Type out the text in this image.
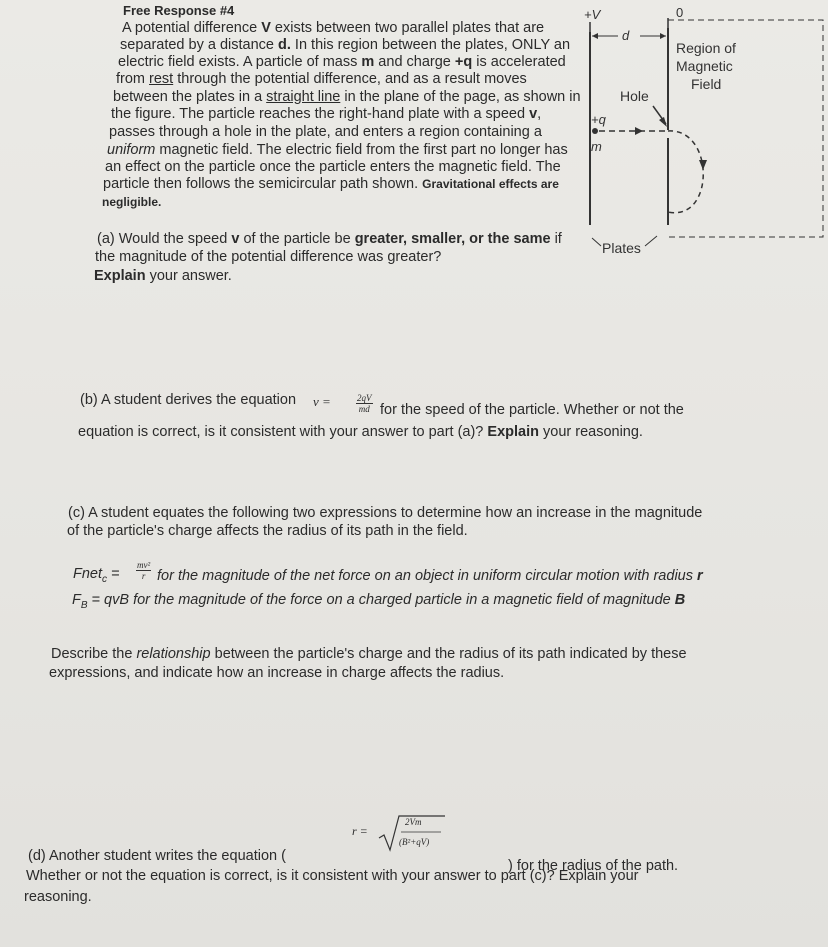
Free Response #4
A potential difference V exists between two parallel plates that are
separated by a distance d. In this region between the plates, ONLY an
electric field exists. A particle of mass m and charge +q is accelerated
from rest through the potential difference, and as a result moves
between the plates in a straight line in the plane of the page, as shown in
the figure. The particle reaches the right-hand plate with a speed v,
passes through a hole in the plate, and enters a region containing a
uniform magnetic field. The electric field from the first part no longer has
an effect on the particle once the particle enters the magnetic field. The
particle then follows the semicircular path shown. Gravitational effects are
negligible.
+V	0
d
Hole
+q
m
Plates
Region of
Magnetic
Field
(a) Would the speed v of the particle be greater, smaller, or the same if
the magnitude of the potential difference was greater?
Explain your answer.
(b) A student derives the equation v =	$\frac{2qV}{md}$ for the speed of the particle. Whether or not the
equation is correct, is it consistent with your answer to part (a)? Explain your reasoning.
(c) A student equates the following two expressions to determine how an increase in the magnitude
of the particle's charge affects the radius of its path in the field.
Fnet$_c$ = $\frac{\text{mv²}}{r}$ for the magnitude of the net force on an object in uniform circular motion with radius r
$F_B$ = qvB for the magnitude of the force on a charged particle in a magnetic field of magnitude B
Describe the relationship between the particle's charge and the radius of its path indicated by these
expressions, and indicate how an increase in charge affects the radius.
r =
2Vm
(B²+qV)
(d) Another student writes the equation (
) for the radius of the path.
Whether or not the equation is correct, is it consistent with your answer to part (c)? Explain your
reasoning.
